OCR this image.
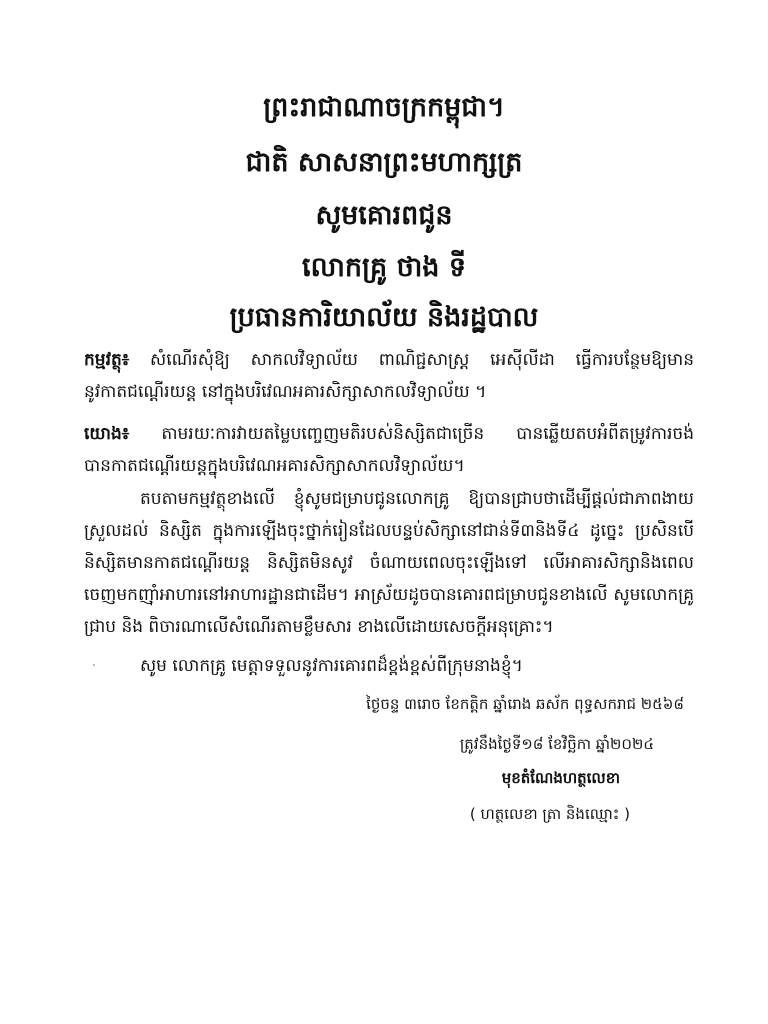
ព្រះរាជាណាចក្រកម្ពុជា។
ជាតិ សាសនាព្រះមហាក្សត្រ
សូមគោរពជូន
លោកគ្រូ ថាង ទី
ប្រធានការិយាល័យ និងរដ្ឋបាល
កម្មវត្ថុ៖ សំណើរសុំឱ្យ សាកលវិទ្យាល័យ ពាណិជ្ជសាស្ត្រ អេស៊ីលីដា ធ្វើការបន្ថែមឱ្យមាននូវកាតជណ្ដើរយន្ត នៅក្នុងបរិវេណអគារសិក្សាសាកលវិទ្យាល័យ ។
យោង៖ តាមរយៈការវាយតម្លៃបញ្ចេញមតិរបស់និស្សិតជាច្រើន បានឆ្លើយតបអំពីតម្រូវការចង់បានកាតជណ្ដើរយន្តក្នុងបរិវេណអគារសិក្សាសាកលវិទ្យាល័យ។
តបតាមកម្មវត្ថុខាងលើ ខ្ញុំសូមជម្រាបជូនលោកគ្រូ ឱ្យបានជ្រាបថាដើម្បីផ្ដល់ជាភាពងាយស្រួលដល់ និស្សិត ក្នុងការឡើងចុះថ្នាក់រៀនដែលបន្ទប់សិក្សានៅជាន់ទី៣និងទី៤ ដូច្នេះ ប្រសិនបើនិស្សិតមានកាតជណ្ដើរយន្ត និស្សិតមិនសូវ ចំណាយពេលចុះឡើងទៅ លើអាគារសិក្សានិងពេលចេញមកញ៉ាំអាហារនៅអាហារដ្ឋានជាដើម។ អាស្រ័យដូចបានគោរពជម្រាបជូនខាងលើ សូមលោកគ្រូ ជ្រាប និង ពិចារណាលើសំណើរតាមខ្លឹមសារ ខាងលើដោយសេចក្ដីអនុគ្រោះ។
សូម លោកគ្រូ មេត្តាទទួលនូវការគោរពដ៏ខ្ពង់ខ្ពស់ពីក្រុមនាងខ្ញុំ។
ថ្ងៃចន្ទ ៣រោច ខែកត្តិក ឆ្នាំរោង ឆស័ក ពុទ្ធសករាជ ២៥៦៨
ត្រូវនឹងថ្ងៃទី១៨ ខែវិច្ឆិកា ឆ្នាំ២០២៤
មុខតំណែងហត្ថលេខា
( ហត្ថលេខា ត្រា និងឈ្មោះ )
